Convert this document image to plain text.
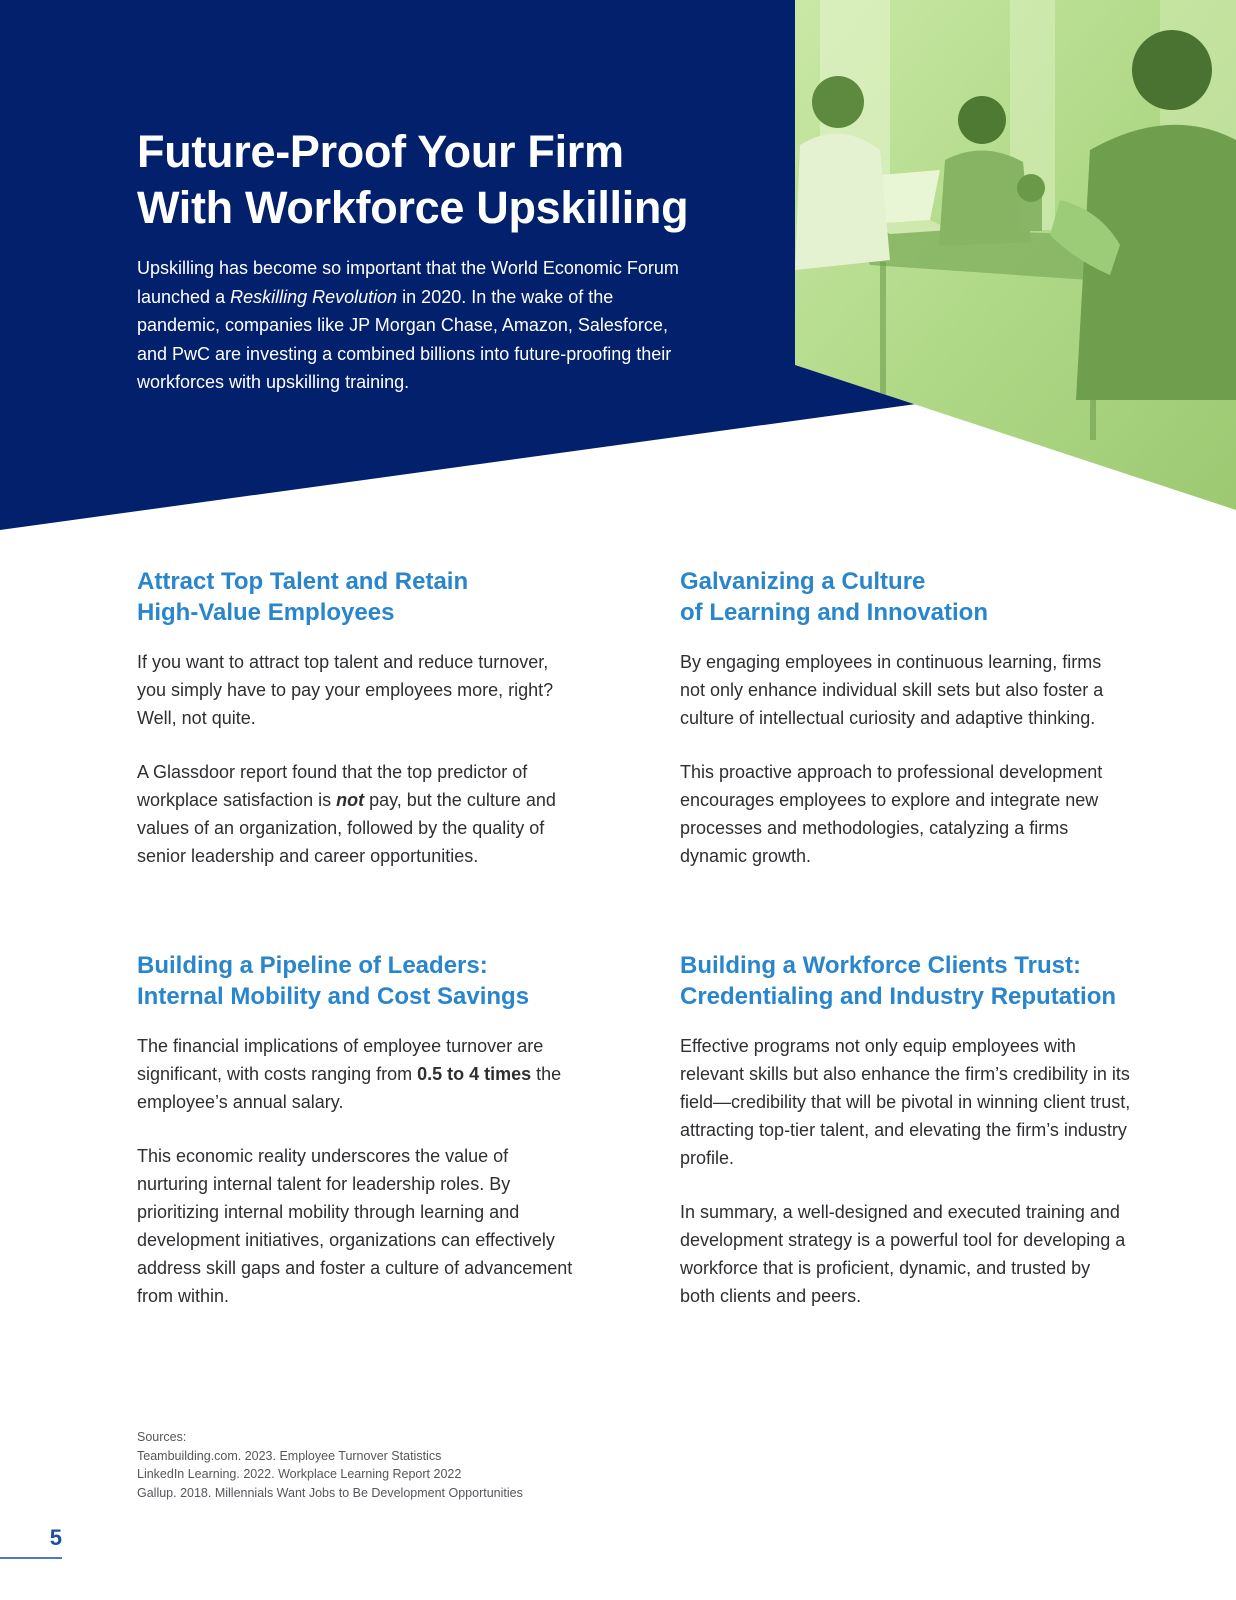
Future-Proof Your Firm
With Workforce Upskilling

Upskilling has become so important that the World Economic Forum launched a Reskilling Revolution in 2020. In the wake of the pandemic, companies like JP Morgan Chase, Amazon, Salesforce, and PwC are investing a combined billions into future-proofing their workforces with upskilling training.

Attract Top Talent and Retain
High-Value Employees

If you want to attract top talent and reduce turnover, you simply have to pay your employees more, right? Well, not quite.

A Glassdoor report found that the top predictor of workplace satisfaction is not pay, but the culture and values of an organization, followed by the quality of senior leadership and career opportunities.

Galvanizing a Culture
of Learning and Innovation

By engaging employees in continuous learning, firms not only enhance individual skill sets but also foster a culture of intellectual curiosity and adaptive thinking.

This proactive approach to professional development encourages employees to explore and integrate new processes and methodologies, catalyzing a firms dynamic growth.

Building a Pipeline of Leaders:
Internal Mobility and Cost Savings

The financial implications of employee turnover are significant, with costs ranging from 0.5 to 4 times the employee’s annual salary.

This economic reality underscores the value of nurturing internal talent for leadership roles. By prioritizing internal mobility through learning and development initiatives, organizations can effectively address skill gaps and foster a culture of advancement from within.

Building a Workforce Clients Trust:
Credentialing and Industry Reputation

Effective programs not only equip employees with relevant skills but also enhance the firm’s credibility in its field—credibility that will be pivotal in winning client trust, attracting top-tier talent, and elevating the firm’s industry profile.

In summary, a well-designed and executed training and development strategy is a powerful tool for developing a workforce that is proficient, dynamic, and trusted by both clients and peers.

Sources:
Teambuilding.com. 2023. Employee Turnover Statistics
LinkedIn Learning. 2022. Workplace Learning Report 2022
Gallup. 2018. Millennials Want Jobs to Be Development Opportunities
5
